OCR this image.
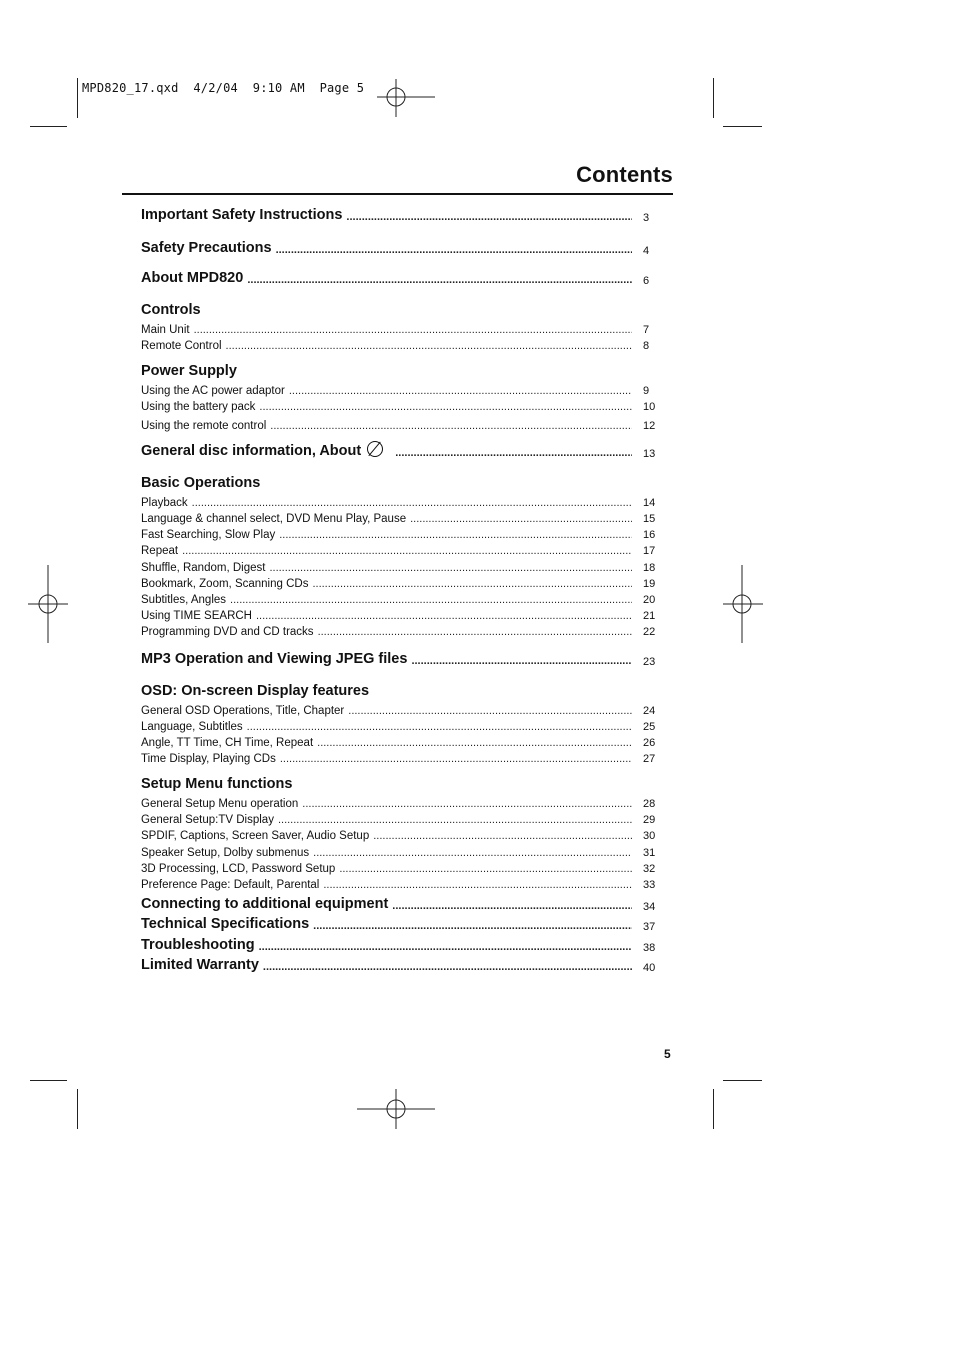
MPD820_17.qxd  4/2/04  9:10 AM  Page 5
Contents
Important Safety Instructions .....	3
Safety Precautions .....	4
About MPD820 .....	6
Controls
Main Unit .....	7
Remote Control .....	8
Power Supply
Using the AC power adaptor .....	9
Using the battery pack .....	10
Using the remote control .....	12
General disc information, About .....	13
Basic Operations
Playback .....	14
Language & channel select, DVD Menu Play, Pause .....	15
Fast Searching, Slow Play .....	16
Repeat .....	17
Shuffle, Random, Digest .....	18
Bookmark, Zoom, Scanning CDs .....	19
Subtitles, Angles .....	20
Using TIME SEARCH .....	21
Programming DVD and CD tracks .....	22
MP3 Operation and Viewing JPEG files .....	23
OSD: On-screen Display features
General OSD Operations, Title, Chapter .....	24
Language, Subtitles .....	25
Angle, TT Time, CH Time, Repeat .....	26
Time Display, Playing CDs .....	27
Setup Menu functions
General Setup Menu operation .....	28
General Setup:TV Display .....	29
SPDIF, Captions, Screen Saver, Audio Setup .....	30
Speaker Setup, Dolby submenus .....	31
3D Processing, LCD, Password Setup .....	32
Preference Page: Default, Parental .....	33
Connecting to additional equipment .....	34
Technical Specifications .....	37
Troubleshooting .....	38
Limited Warranty .....	40
5
